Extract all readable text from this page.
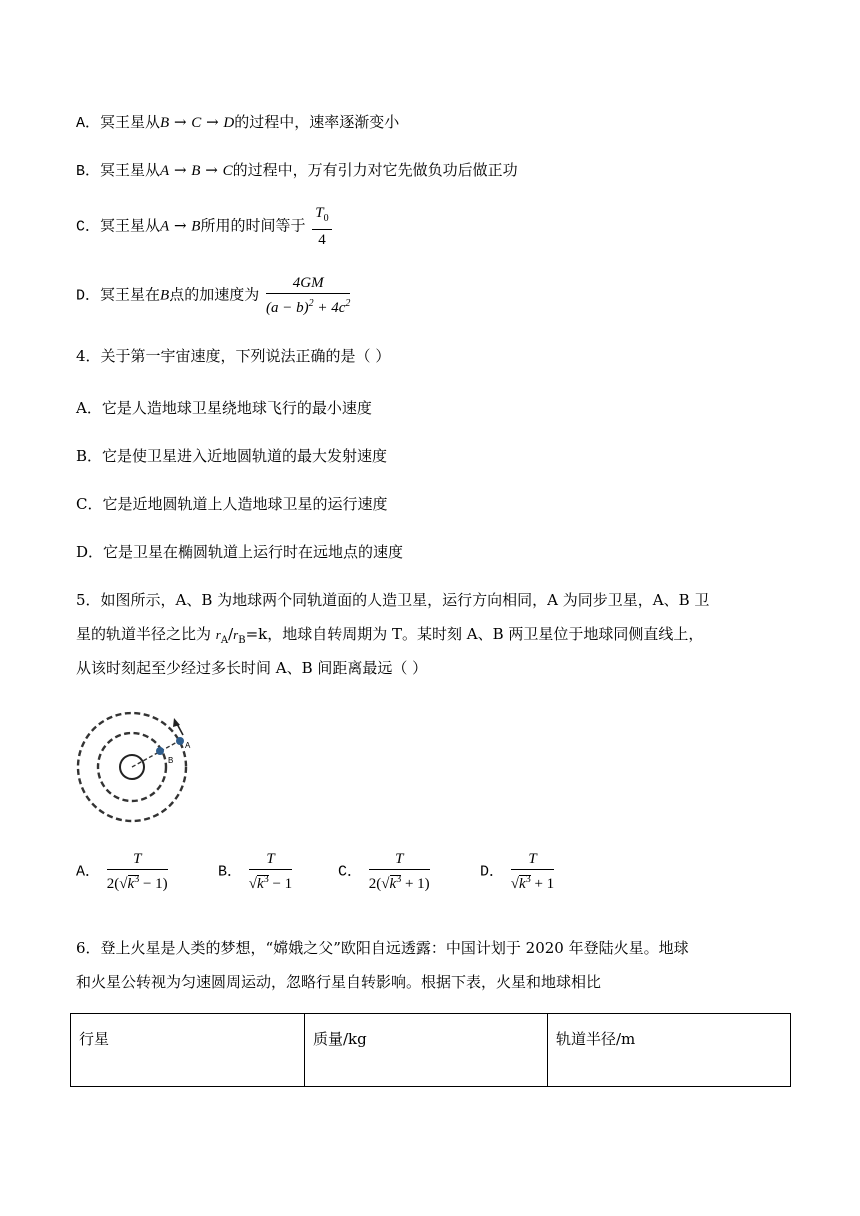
A．冥王星从B → C → D的过程中，速率逐渐变小
B．冥王星从A → B → C的过程中，万有引力对它先做负功后做正功
C．冥王星从A → B所用的时间等于 $\frac{T_0}{4}$
D．冥王星在B点的加速度为 $\frac{4GM}{(a - b)^2 + 4c^2}$
4．关于第一宇宙速度，下列说法正确的是（ ）
A．它是人造地球卫星绕地球飞行的最小速度
B．它是使卫星进入近地圆轨道的最大发射速度
C．它是近地圆轨道上人造地球卫星的运行速度
D．它是卫星在椭圆轨道上运行时在远地点的速度
5．如图所示，A、B 为地球两个同轨道面的人造卫星，运行方向相同，A 为同步卫星，A、B 卫
星的轨道半径之比为 $r_A/r_B=k$，地球自转周期为 T。某时刻 A、B 两卫星位于地球同侧直线上，
从该时刻起至少经过多长时间 A、B 间距离最远（ ）
A
B
A． $\frac{T}{2(√k^3 - 1)}$	B． $\frac{T}{√k^3 - 1}$	C． $\frac{T}{2(√k^3 + 1)}$	D． $\frac{T}{√k^3 + 1}$
6．登上火星是人类的梦想，“嫦娥之父”欧阳自远透露：中国计划于 2020 年登陆火星。地球
和火星公转视为匀速圆周运动，忽略行星自转影响。根据下表，火星和地球相比
行星	质量/kg	轨道半径/m
